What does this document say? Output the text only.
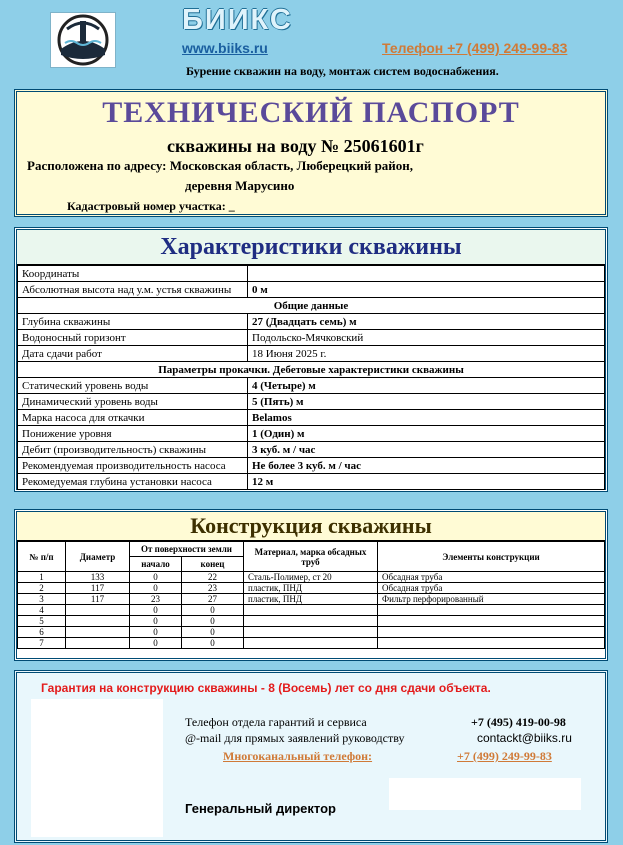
БИИКС
www.biiks.ru	Телефон +7 (499) 249-99-83
Бурение скважин на воду, монтаж систем водоснабжения.
ТЕХНИЧЕСКИЙ ПАСПОРТ
скважины на воду № 25061601г
Расположена по адресу: Московская область, Люберецкий район,
деревня Марусино
Кадастровый номер участка: _
Характеристики скважины
Координаты	
Абсолютная высота над у.м. устья скважины	0 м
Общие данные	
Глубина скважины	27 (Двадцать семь) м
Водоносный горизонт	Подольско-Мячковский
Дата сдачи работ	18 Июня 2025 г.
Параметры прокачки. Дебетовые характеристики скважины	
Статический уровень воды	4 (Четыре) м
Динамический уровень воды	5 (Пять) м
Марка насоса для откачки	Belamos
Понижение уровня	1 (Один) м
Дебит (производительность) скважины	3 куб. м / час
Рекомендуемая производительность насоса	Не более 3 куб. м / час
Рекомедуемая глубина установки насоса	12 м
Конструкция скважины
№ п/п	Диаметр	От поверхности земли		Материал, марка обсадных труб	Элементы конструкции
		начало	конец		
1	133	0	22	Сталь-Полимер, ст 20	Обсадная труба
2	117	0	23	пластик, ПНД	Обсадная труба
3	117	23	27	пластик, ПНД	Фильтр перфорированный
4		0	0		
5		0	0		
6		0	0		
7		0	0		
Гарантия на конструкцию скважины - 8 (Восемь) лет со дня сдачи объекта.
Телефон отдела гарантий и сервиса	+7 (495) 419-00-98
@-mail для прямых заявлений руководству	contackt@biiks.ru
Многоканальный телефон:	+7 (499) 249-99-83
Генеральный директор
